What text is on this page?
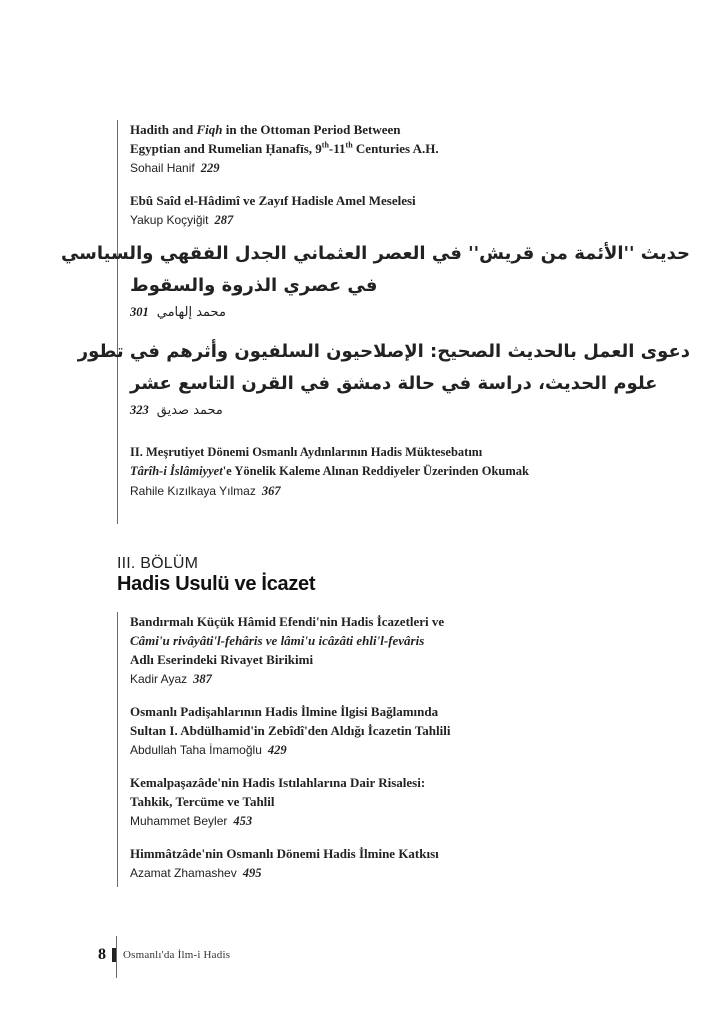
Hadith and Fiqh in the Ottoman Period Between
Egyptian and Rumelian Ḥanafīs, 9th-11th Centuries A.H.
Sohail Hanif 229
Ebû Saîd el-Hâdimî ve Zayıf Hadisle Amel Meselesi
Yakup Koçyiğit 287
حديث ''الأئمة من قريش'' في العصر العثماني الجدل الفقهي والسياسي
في عصري الذروة والسقوط
301 محمد إلهامي
دعوى العمل بالحديث الصحيح: الإصلاحيون السلفيون وأثرهم في تطور
علوم الحديث، دراسة في حالة دمشق في القرن التاسع عشر
323 محمد صديق
II. Meşrutiyet Dönemi Osmanlı Aydınlarının Hadis Müktesebatını
Târîh-i İslâmiyyet'e Yönelik Kaleme Alınan Reddiyeler Üzerinden Okumak
Rahile Kızılkaya Yılmaz 367
III. BÖLÜM
Hadis Usulü ve İcazet
Bandırmalı Küçük Hâmid Efendi'nin Hadis İcazetleri ve
Câmi'u rivâyâti'l-fehâris ve lâmi'u icâzâti ehli'l-fevâris
Adlı Eserindeki Rivayet Birikimi
Kadir Ayaz 387
Osmanlı Padişahlarının Hadis İlmine İlgisi Bağlamında
Sultan I. Abdülhamid'in Zebîdî'den Aldığı İcazetin Tahlili
Abdullah Taha İmamoğlu 429
Kemalpaşazâde'nin Hadis Istılahlarına Dair Risalesi:
Tahkik, Tercüme ve Tahlil
Muhammet Beyler 453
Himmâtzâde'nin Osmanlı Dönemi Hadis İlmine Katkısı
Azamat Zhamashev 495
8 Osmanlı'da İlm-i Hadis
